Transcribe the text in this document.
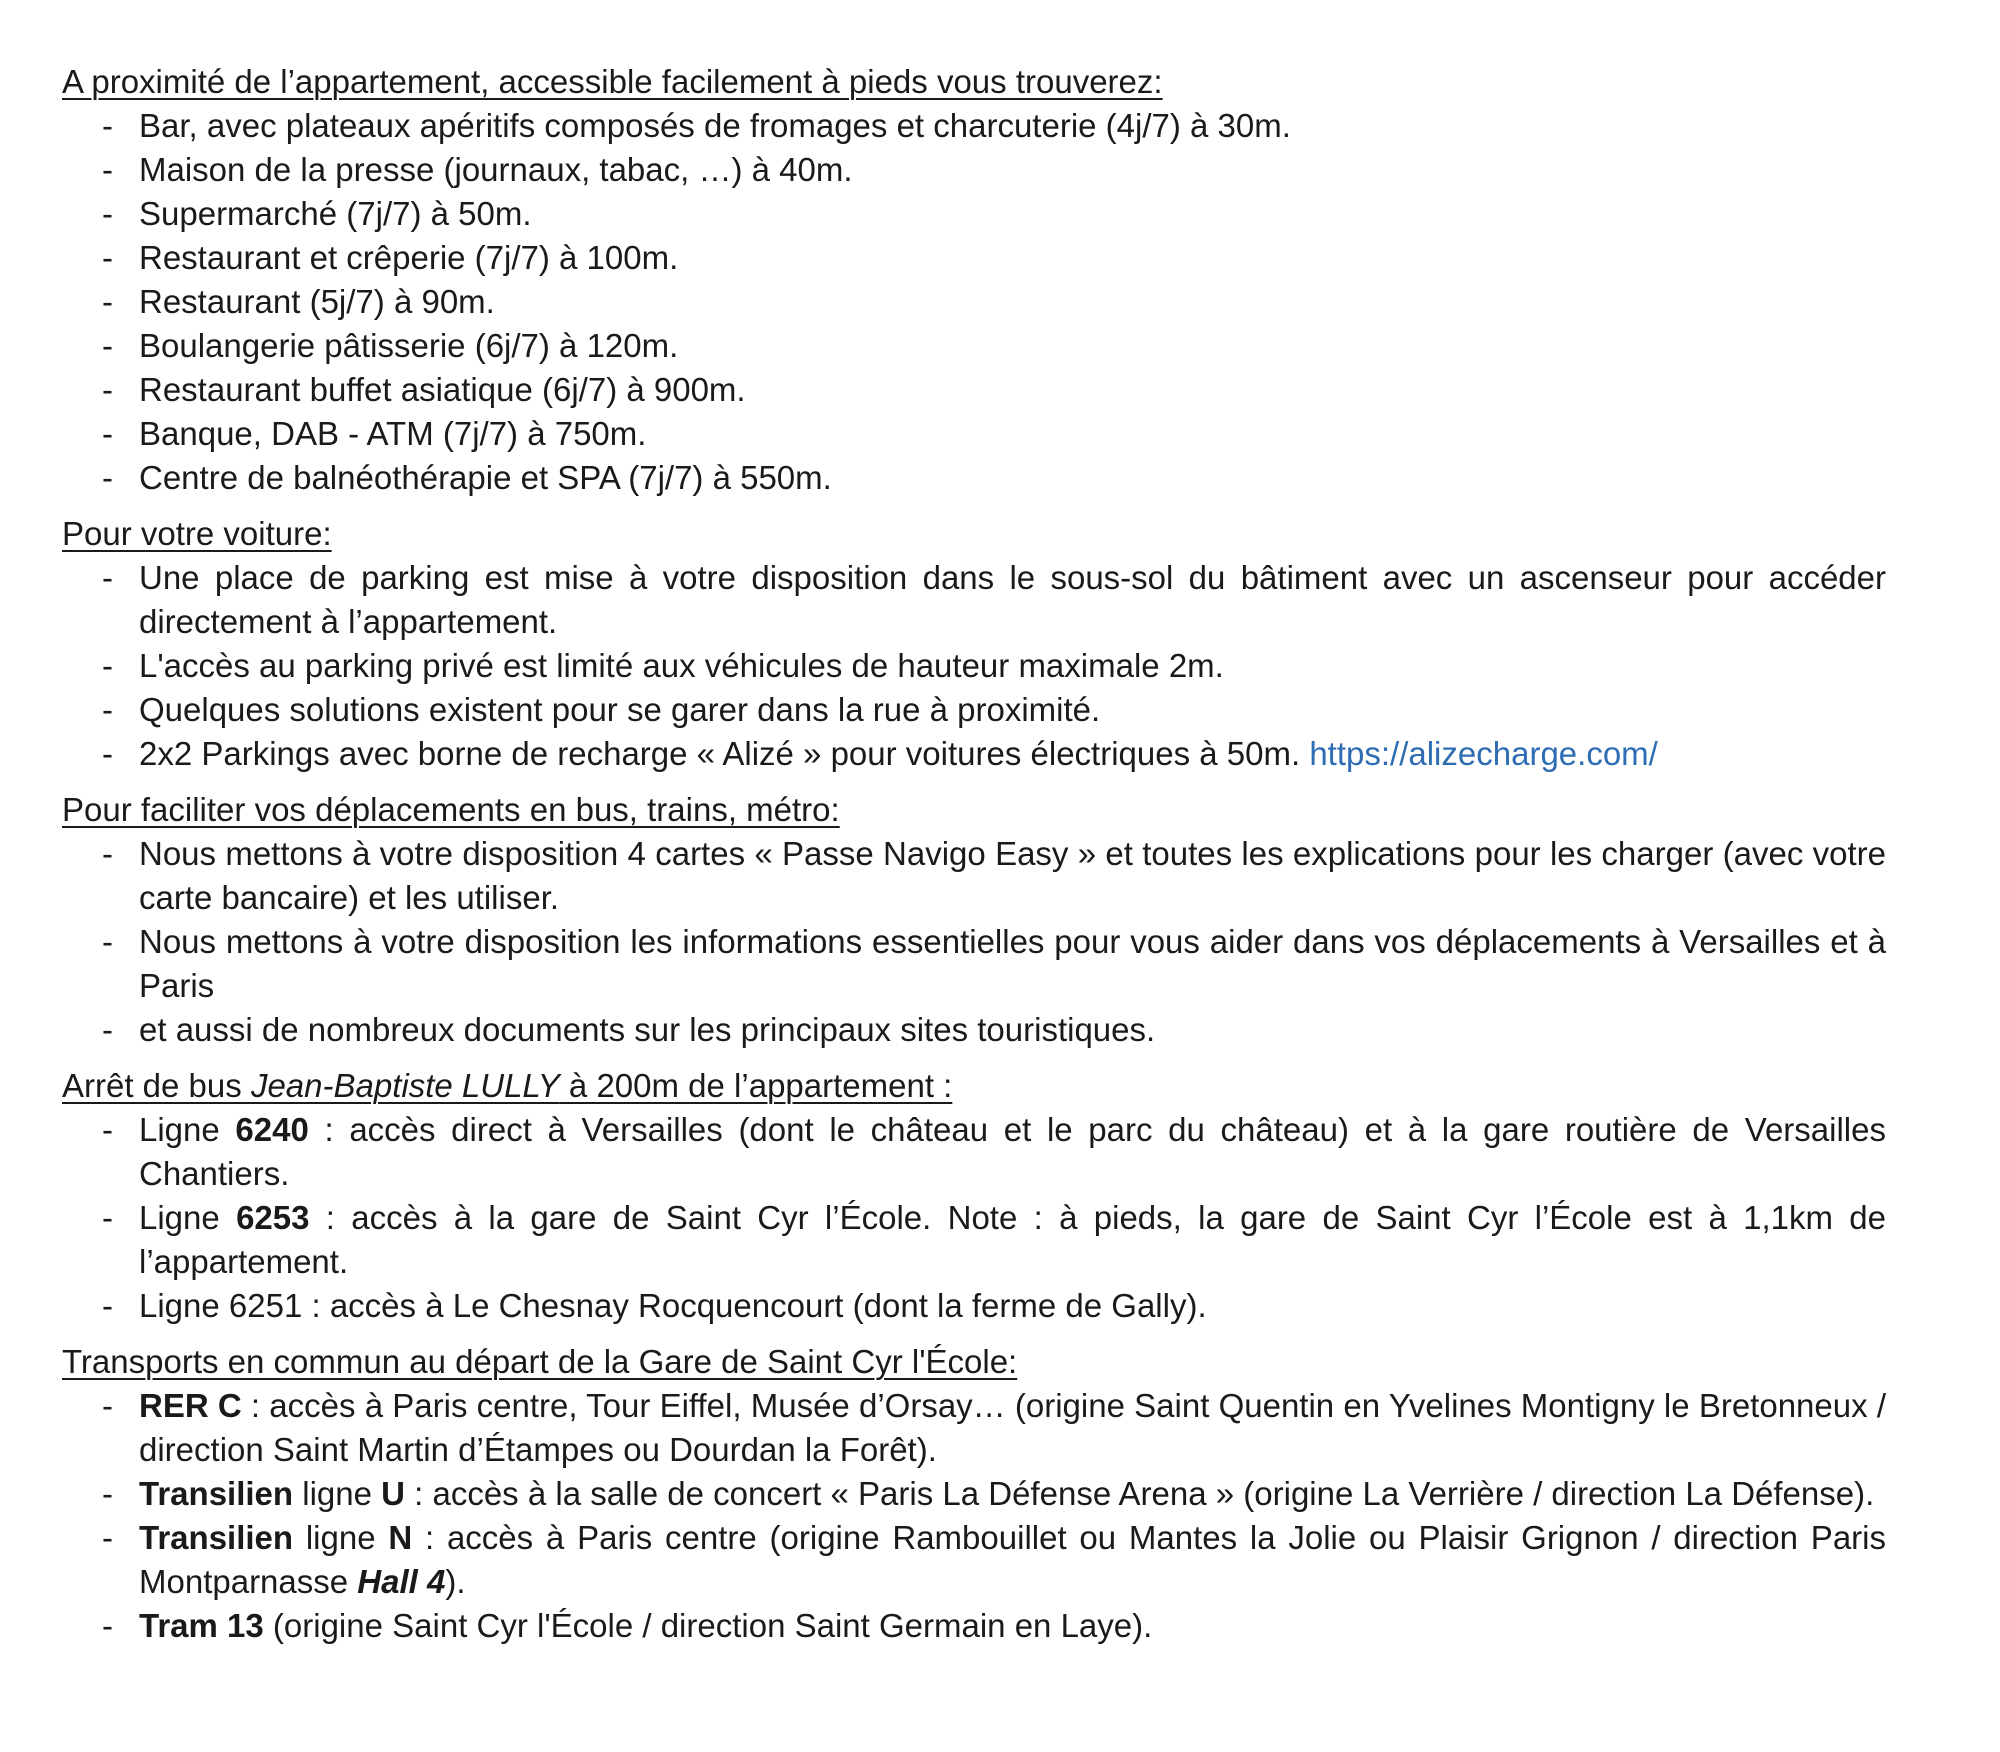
A proximité de l’appartement, accessible facilement à pieds vous trouverez:
- Bar, avec plateaux apéritifs composés de fromages et charcuterie (4j/7) à 30m.
- Maison de la presse (journaux, tabac, …) à 40m.
- Supermarché (7j/7) à 50m.
- Restaurant et crêperie (7j/7) à 100m.
- Restaurant (5j/7) à 90m.
- Boulangerie pâtisserie (6j/7) à 120m.
- Restaurant buffet asiatique (6j/7) à 900m.
- Banque, DAB - ATM (7j/7) à 750m.
- Centre de balnéothérapie et SPA (7j/7) à 550m.
Pour votre voiture:
- Une place de parking est mise à votre disposition dans le sous-sol du bâtiment avec un ascenseur pour accéder directement à l’appartement.
- L'accès au parking privé est limité aux véhicules de hauteur maximale 2m.
- Quelques solutions existent pour se garer dans la rue à proximité.
- 2x2 Parkings avec borne de recharge « Alizé » pour voitures électriques à 50m. https://alizecharge.com/
Pour faciliter vos déplacements en bus, trains, métro:
- Nous mettons à votre disposition 4 cartes « Passe Navigo Easy » et toutes les explications pour les charger (avec votre carte bancaire) et les utiliser.
- Nous mettons à votre disposition les informations essentielles pour vous aider dans vos déplacements à Versailles et à Paris
- et aussi de nombreux documents sur les principaux sites touristiques.
Arrêt de bus Jean-Baptiste LULLY à 200m de l’appartement :
- Ligne 6240 : accès direct à Versailles (dont le château et le parc du château) et à la gare routière de Versailles Chantiers.
- Ligne 6253 : accès à la gare de Saint Cyr l’École. Note : à pieds, la gare de Saint Cyr l’École est à 1,1km de l’appartement.
- Ligne 6251 : accès à Le Chesnay Rocquencourt (dont la ferme de Gally).
Transports en commun au départ de la Gare de Saint Cyr l'École:
- RER C : accès à Paris centre, Tour Eiffel, Musée d’Orsay… (origine Saint Quentin en Yvelines Montigny le Bretonneux / direction Saint Martin d’Étampes ou Dourdan la Forêt).
- Transilien ligne U : accès à la salle de concert « Paris La Défense Arena » (origine La Verrière / direction La Défense).
- Transilien ligne N : accès à Paris centre (origine Rambouillet ou Mantes la Jolie ou Plaisir Grignon / direction Paris Montparnasse Hall 4).
- Tram 13 (origine Saint Cyr l'École / direction Saint Germain en Laye).
